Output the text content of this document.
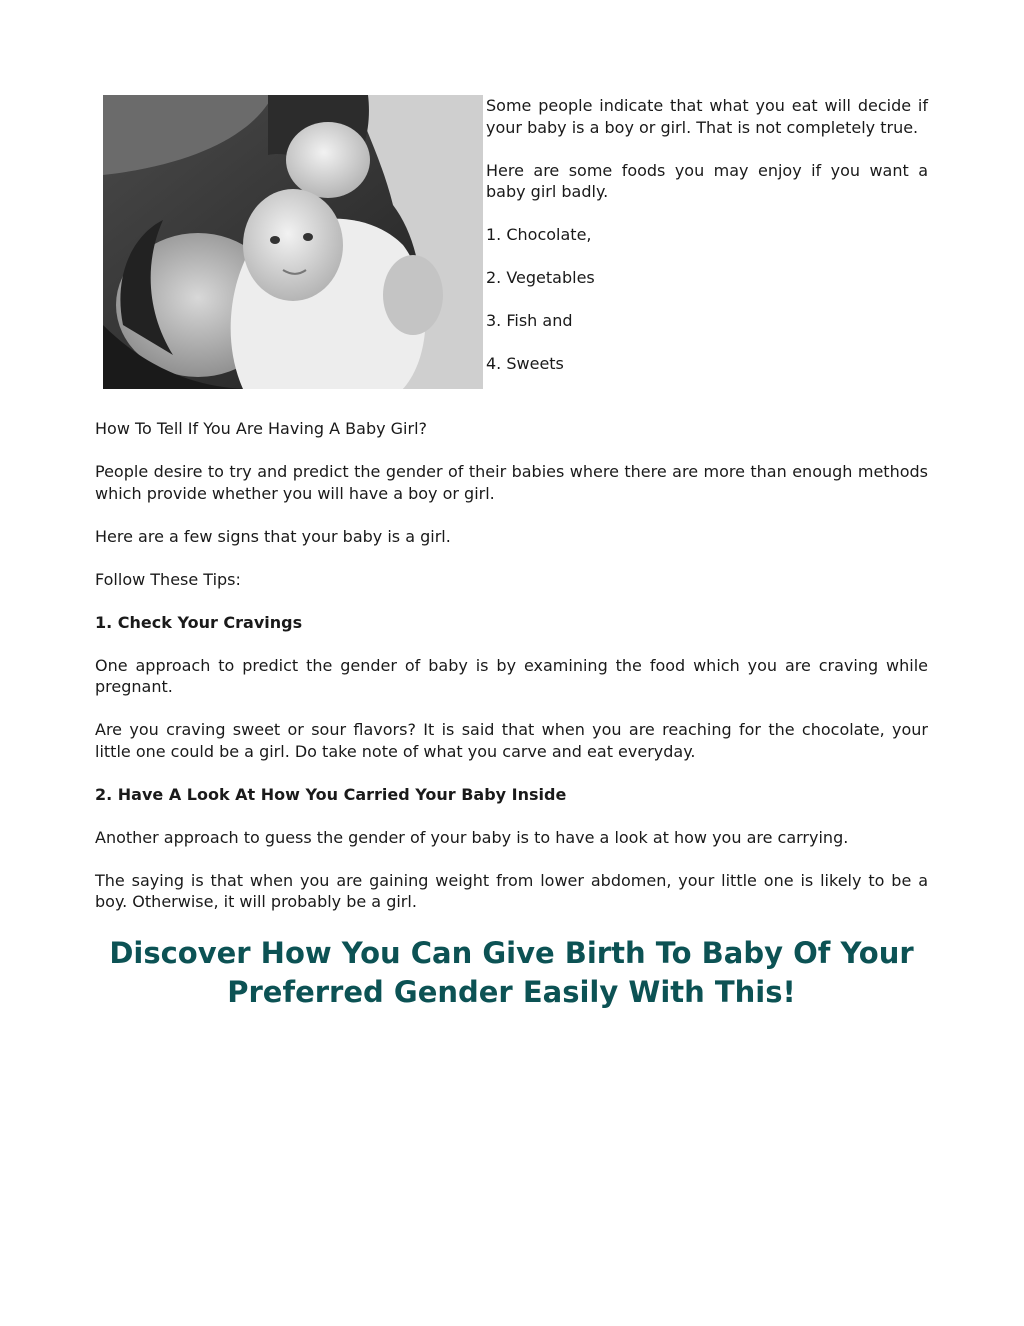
Some people indicate that what you eat will decide if your baby is a boy or girl. That is not completely true.

Here are some foods you may enjoy if you want a baby girl badly.

1. Chocolate,

2. Vegetables

3. Fish and

4. Sweets

How To Tell If You Are Having A Baby Girl?

People desire to try and predict the gender of their babies where there are more than enough methods which provide whether you will have a boy or girl.

Here are a few signs that your baby is a girl.

Follow These Tips:

1. Check Your Cravings

One approach to predict the gender of baby is by examining the food which you are craving while pregnant.

Are you craving sweet or sour flavors? It is said that when you are reaching for the chocolate, your little one could be a girl. Do take note of what you carve and eat everyday.

2. Have A Look At How You Carried Your Baby Inside

Another approach to guess the gender of your baby is to have a look at how you are carrying.

The saying is that when you are gaining weight from lower abdomen, your little one is likely to be a boy. Otherwise, it will probably be a girl.

Discover How You Can Give Birth To Baby Of Your
Preferred Gender Easily With This!
